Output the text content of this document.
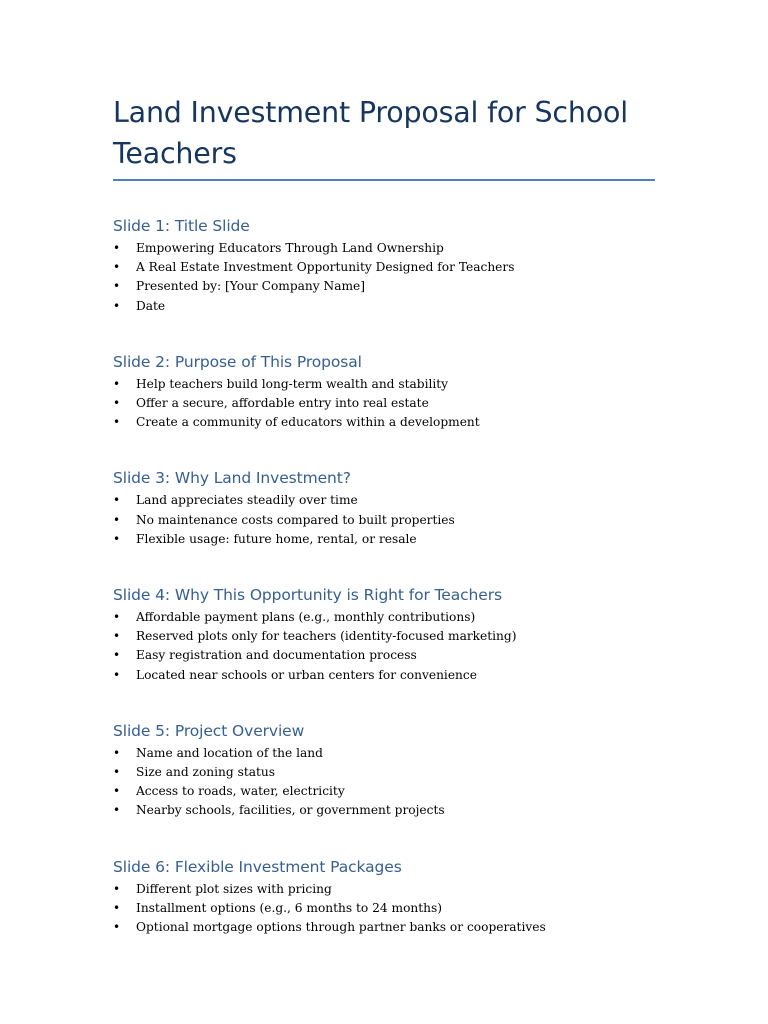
Land Investment Proposal for School
Teachers
Slide 1: Title Slide
• Empowering Educators Through Land Ownership
• A Real Estate Investment Opportunity Designed for Teachers
• Presented by: [Your Company Name]
• Date
Slide 2: Purpose of This Proposal
• Help teachers build long-term wealth and stability
• Offer a secure, affordable entry into real estate
• Create a community of educators within a development
Slide 3: Why Land Investment?
• Land appreciates steadily over time
• No maintenance costs compared to built properties
• Flexible usage: future home, rental, or resale
Slide 4: Why This Opportunity is Right for Teachers
• Affordable payment plans (e.g., monthly contributions)
• Reserved plots only for teachers (identity-focused marketing)
• Easy registration and documentation process
• Located near schools or urban centers for convenience
Slide 5: Project Overview
• Name and location of the land
• Size and zoning status
• Access to roads, water, electricity
• Nearby schools, facilities, or government projects
Slide 6: Flexible Investment Packages
• Different plot sizes with pricing
• Installment options (e.g., 6 months to 24 months)
• Optional mortgage options through partner banks or cooperatives
